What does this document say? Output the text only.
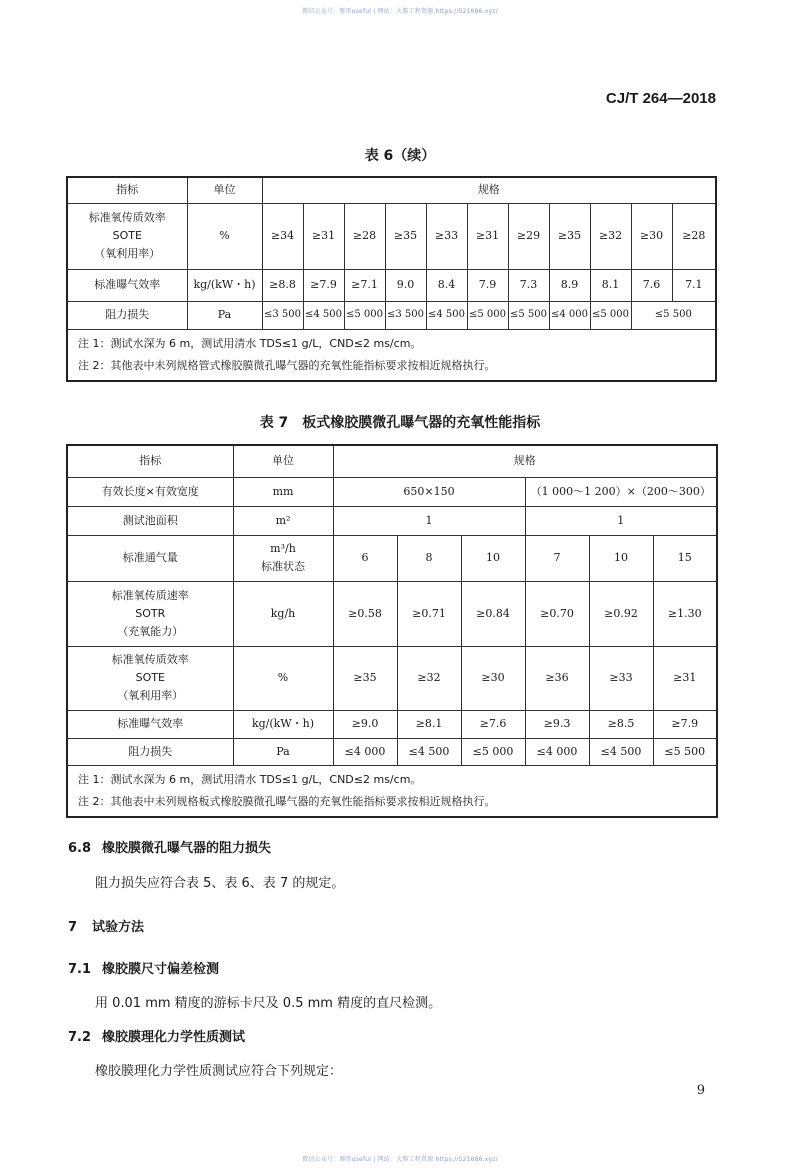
微信公众号：豚哥useful | 网站：大豚工程资源 https://521686.xyz/
CJ/T 264—2018
表 6（续）
指标	单位	规格										

标准氧传质效率
SOTE
（氧利用率）	%	≥34	≥31	≥28	≥35	≥33	≥31	≥29	≥35	≥32	≥30	≥28
标准曝气效率	kg/(kW・h)	≥8.8	≥7.9	≥7.1	9.0	8.4	7.9	7.3	8.9	8.1	7.6	7.1
阻力损失	Pa	≤3 500	≤4 500	≤5 000	≤3 500	≤4 500	≤5 000	≤5 500	≤4 000	≤5 000	≤5 500	

注 1：测试水深为 6 m，测试用清水 TDS≤1 g/L，CND≤2 ms/cm。
注 2：其他表中未列规格管式橡胶膜微孔曝气器的充氧性能指标要求按相近规格执行。												
表 7　板式橡胶膜微孔曝气器的充氧性能指标
指标	单位	规格					
有效长度×有效宽度	mm	650×150			（1 000～1 200）×（200～300）		
测试池面积	m²	1			1		
标准通气量	m³/h
标准状态	6	8	10	7	10	15

标准氧传质速率
SOTR
（充氧能力）	kg/h	≥0.58	≥0.71	≥0.84	≥0.70	≥0.92	≥1.30

标准氧传质效率
SOTE
（氧利用率）	%	≥35	≥32	≥30	≥36	≥33	≥31
标准曝气效率	kg/(kW・h)	≥9.0	≥8.1	≥7.6	≥9.3	≥8.5	≥7.9
阻力损失	Pa	≤4 000	≤4 500	≤5 000	≤4 000	≤4 500	≤5 500

注 1：测试水深为 6 m，测试用清水 TDS≤1 g/L，CND≤2 ms/cm。
注 2：其他表中未列规格板式橡胶膜微孔曝气器的充氧性能指标要求按相近规格执行。							
6.8 橡胶膜微孔曝气器的阻力损失
阻力损失应符合表 5、表 6、表 7 的规定。
7 试验方法
7.1 橡胶膜尺寸偏差检测
用 0.01 mm 精度的游标卡尺及 0.5 mm 精度的直尺检测。
7.2 橡胶膜理化力学性质测试
橡胶膜理化力学性质测试应符合下列规定：
9
微信公众号：豚哥useful | 网站：大豚工程资源 https://521686.xyz/
